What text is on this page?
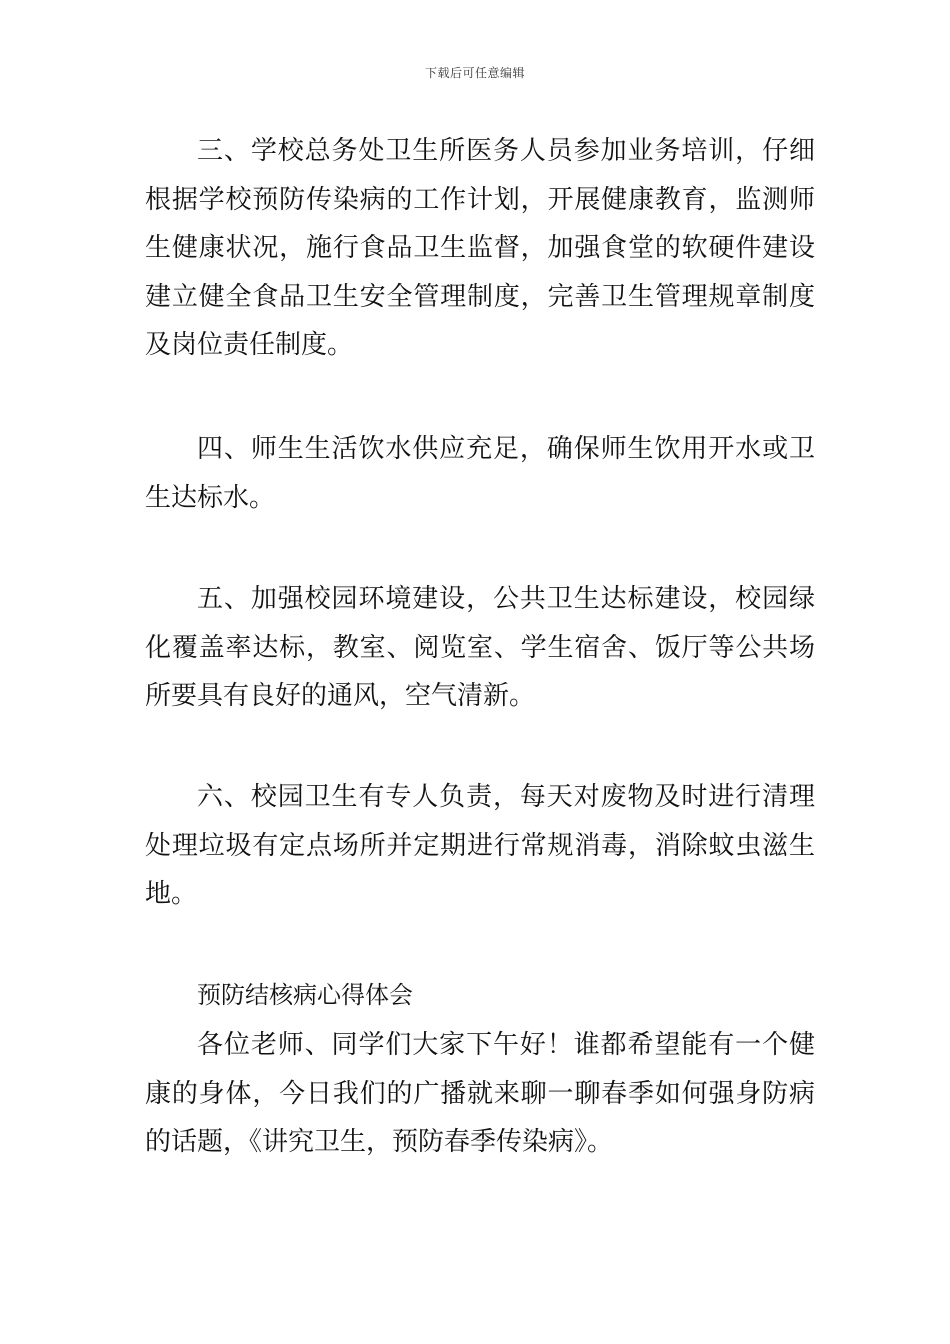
下载后可任意编辑

三、学校总务处卫生所医务人员参加业务培训，仔细根据学校预防传染病的工作计划，开展健康教育，监测师生健康状况，施行食品卫生监督，加强食堂的软硬件建设建立健全食品卫生安全管理制度，完善卫生管理规章制度及岗位责任制度。

四、师生生活饮水供应充足，确保师生饮用开水或卫生达标水。

五、加强校园环境建设，公共卫生达标建设，校园绿化覆盖率达标，教室、阅览室、学生宿舍、饭厅等公共场所要具有良好的通风，空气清新。

六、校园卫生有专人负责，每天对废物及时进行清理处理垃圾有定点场所并定期进行常规消毒，消除蚊虫滋生地。

预防结核病心得体会

各位老师、同学们大家下午好！谁都希望能有一个健康的身体，今日我们的广播就来聊一聊春季如何强身防病的话题，《讲究卫生，预防春季传染病》。
